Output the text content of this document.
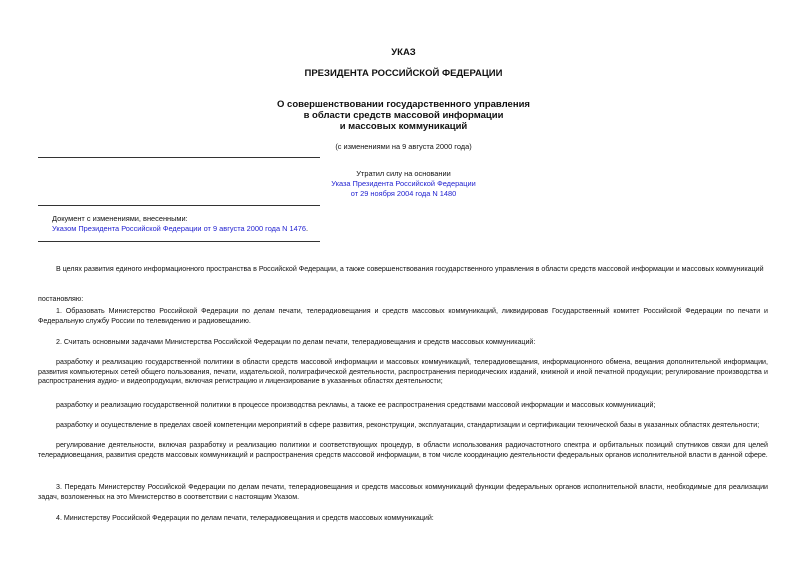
УКАЗ
ПРЕЗИДЕНТА РОССИЙСКОЙ ФЕДЕРАЦИИ
О совершенствовании государственного управления
в области средств массовой информации
и массовых коммуникаций
(с изменениями на 9 августа 2000 года)
Утратил силу на основании
Указа Президента Российской Федерации
от 29 ноября 2004 года N 1480
Документ с изменениями, внесенными:
Указом Президента Российской Федерации от 9 августа 2000 года N 1476.
В целях развития единого информационного пространства в Российской Федерации, а также совершенствования государственного управления в области средств массовой информации и массовых коммуникаций
постановляю:
1. Образовать Министерство Российской Федерации по делам печати, телерадиовещания и средств массовых коммуникаций, ликвидировав Государственный комитет Российской Федерации по печати и Федеральную службу России по телевидению и радиовещанию.
2. Считать основными задачами Министерства Российской Федерации по делам печати, телерадиовещания и средств массовых коммуникаций:
разработку и реализацию государственной политики в области средств массовой информации и массовых коммуникаций, телерадиовещания, информационного обмена, вещания дополнительной информации, развития компьютерных сетей общего пользования, печати, издательской, полиграфической деятельности, распространения периодических изданий, книжной и иной печатной продукции; регулирование производства и распространения аудио- и видеопродукции, включая регистрацию и лицензирование в указанных областях деятельности;
разработку и реализацию государственной политики в процессе производства рекламы, а также ее распространения средствами массовой информации и массовых коммуникаций;
разработку и осуществление в пределах своей компетенции мероприятий в сфере развития, реконструкции, эксплуатации, стандартизации и сертификации технической базы в указанных областях деятельности;
регулирование деятельности, включая разработку и реализацию политики и соответствующих процедур, в области использования радиочастотного спектра и орбитальных позиций спутников связи для целей телерадиовещания, развития средств массовых коммуникаций и распространения средств массовой информации, в том числе координацию деятельности федеральных органов исполнительной власти в данной сфере.
3. Передать Министерству Российской Федерации по делам печати, телерадиовещания и средств массовых коммуникаций функции федеральных органов исполнительной власти, необходимые для реализации задач, возложенных на это Министерство в соответствии с настоящим Указом.
4. Министерству Российской Федерации по делам печати, телерадиовещания и средств массовых коммуникаций:
